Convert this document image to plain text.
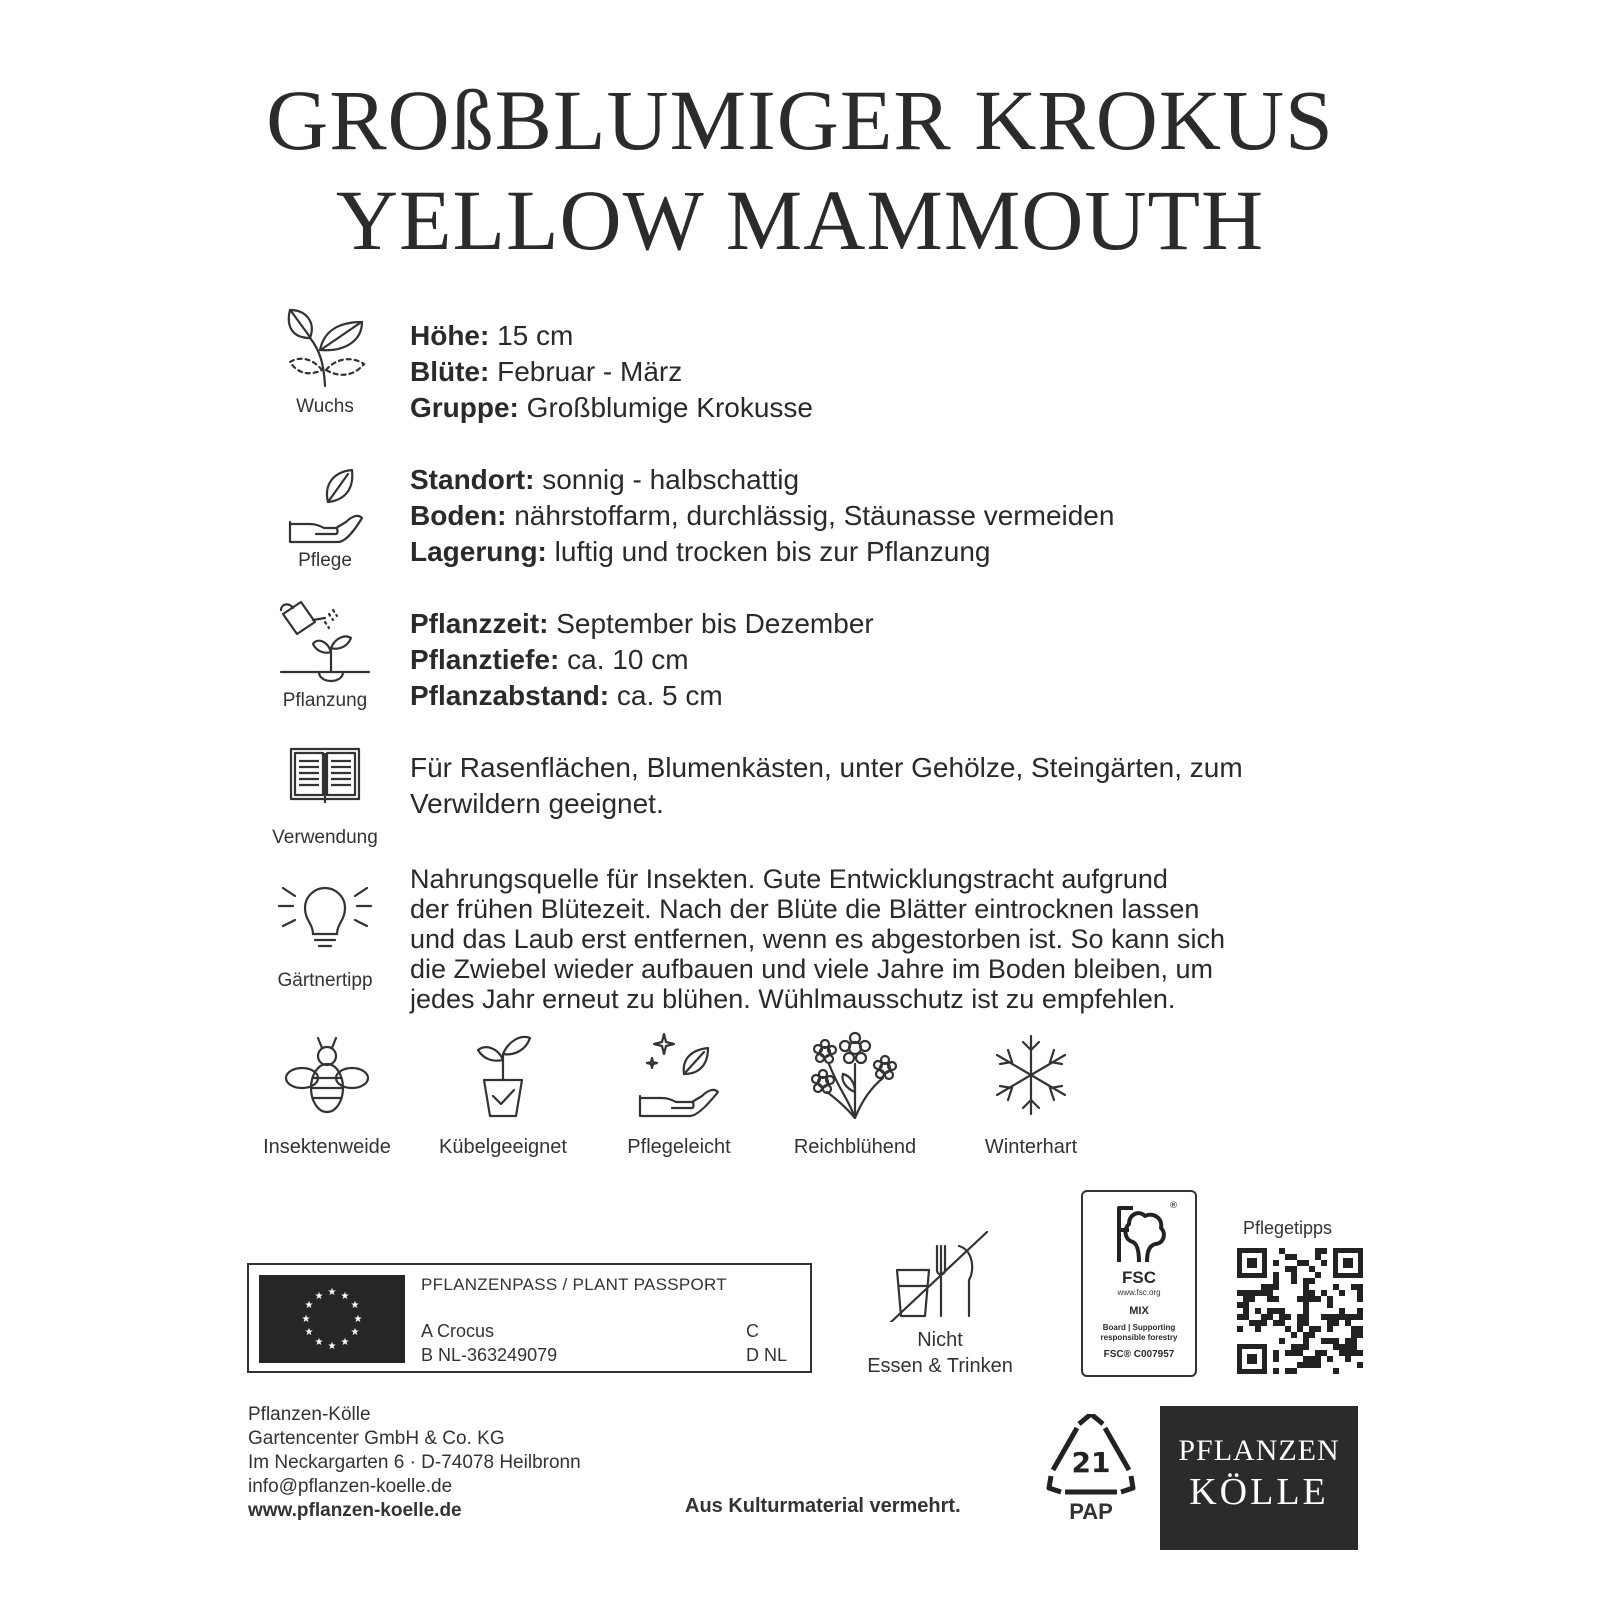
GROßBLUMIGER KROKUS
YELLOW MAMMOUTH
Wuchs
Höhe: 15 cm
Blüte: Februar - März
Gruppe: Großblumige Krokusse
Pflege
Standort: sonnig - halbschattig
Boden: nährstoffarm, durchlässig, Stäunasse vermeiden
Lagerung: luftig und trocken bis zur Pflanzung
Pflanzung
Pflanzzeit: September bis Dezember
Pflanztiefe: ca. 10 cm
Pflanzabstand: ca. 5 cm
Verwendung
Für Rasenflächen, Blumenkästen, unter Gehölze, Steingärten, zum
Verwildern geeignet.
Gärtnertipp
Nahrungsquelle für Insekten. Gute Entwicklungstracht aufgrund
der frühen Blütezeit. Nach der Blüte die Blätter eintrocknen lassen
und das Laub erst entfernen, wenn es abgestorben ist. So kann sich
die Zwiebel wieder aufbauen und viele Jahre im Boden bleiben, um
jedes Jahr erneut zu blühen. Wühlmausschutz ist zu empfehlen.
Insektenweide	Kübelgeeignet	Pflegeleicht	Reichblühend	Winterhart
★ ★
★
★
★
★
★
★
★
★
★
★
PFLANZENPASS / PLANT PASSPORT
A Crocus
B NL-363249079
C
D NL
Nicht
Essen & Trinken
®
FSC
www.fsc.org
MIX
Board | Supporting
responsible forestry
FSC® C007957
Pflegetipps
Pflanzen-Kölle
Gartencenter GmbH & Co. KG
Im Neckargarten 6 · D-74078 Heilbronn
info@pflanzen-koelle.de
www.pflanzen-koelle.de	Aus Kulturmaterial vermehrt.
21
PAP
PFLANZEN
KÖLLE
